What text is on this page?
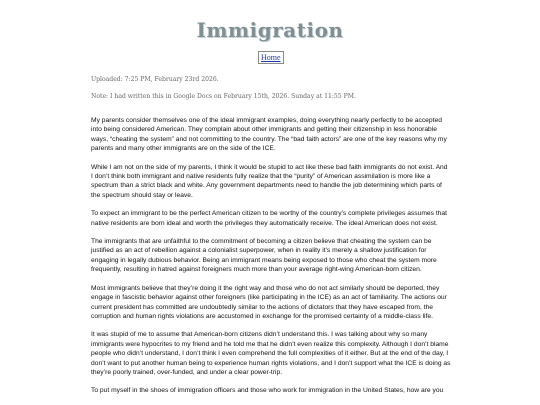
Immigration
Home
Uploaded: 7:25 PM, February 23rd 2026.
Note: I had written this in Google Docs on February 15th, 2026. Sunday at 11:55 PM.

My parents consider themselves one of the ideal immigrant examples, doing everything nearly perfectly to be accepted into being considered American. They complain about other immigrants and getting their citizenship in less honorable ways, “cheating the system” and not committing to the country. The “bad faith actors” are one of the key reasons why my parents and many other immigrants are on the side of the ICE.

While I am not on the side of my parents, I think it would be stupid to act like these bad faith immigrants do not exist. And I don’t think both immigrant and native residents fully realize that the “purity” of American assimilation is more like a spectrum than a strict black and white. Any government departments need to handle the job determining which parts of the spectrum should stay or leave.

To expect an immigrant to be the perfect American citizen to be worthy of the country’s complete privileges assumes that native residents are born ideal and worth the privileges they automatically receive. The ideal American does not exist.

The immigrants that are unfaithful to the commitment of becoming a citizen believe that cheating the system can be justified as an act of rebellion against a colonialist superpower, when in reality it’s merely a shallow justification for engaging in legally dubious behavior. Being an immigrant means being exposed to those who cheat the system more frequently, resulting in hatred against foreigners much more than your average right-wing American-born citizen.

Most immigrants believe that they’re doing it the right way and those who do not act similarly should be deported, they engage in fascistic behavior against other foreigners (like participating in the ICE) as an act of familiarity. The actions our current president has committed are undoubtedly similar to the actions of dictators that they have escaped from, the corruption and human rights violations are accustomed in exchange for the promised certainty of a middle-class life.

It was stupid of me to assume that American-born citizens didn’t understand this. I was talking about why so many immigrants were hypocrites to my friend and he told me that he didn’t even realize this complexity. Although I don’t blame people who didn’t understand, I don’t think I even comprehend the full complexities of it either. But at the end of the day, I don’t want to put another human being to experience human rights violations, and I don’t support what the ICE is doing as they’re poorly trained, over-funded, and under a clear power-trip.

To put myself in the shoes of immigration officers and those who work for immigration in the United States, how are you
